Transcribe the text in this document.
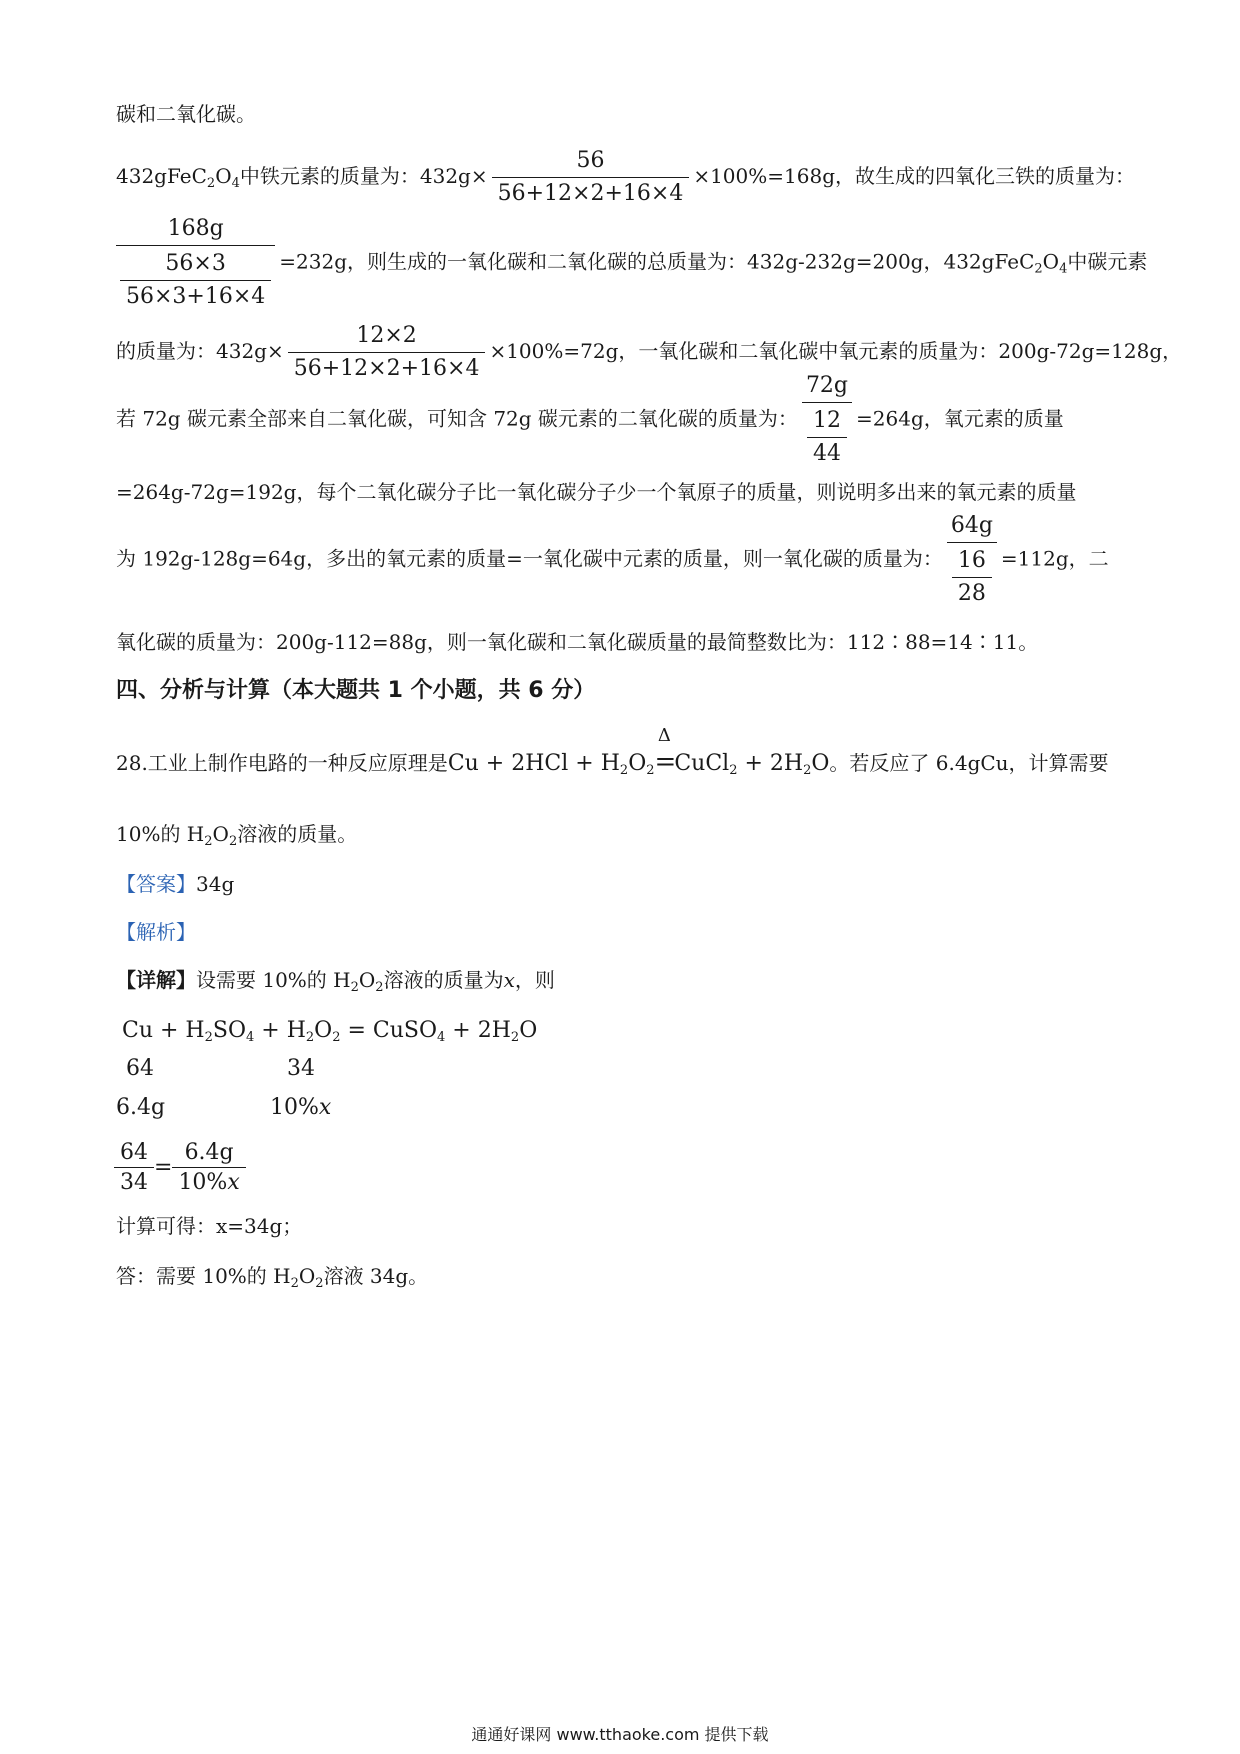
碳和二氧化碳。
$432gFeC_2O_4$中铁元素的质量为：$432g\times \frac{56}{56+12\times 2+16\times 4} \times 100\%=168g$，故生成的四氧化三铁的质量为：
$\frac{168g}{\frac{56\times 3}{56\times 3+16\times 4}} =232g$，则生成的一氧化碳和二氧化碳的总质量为：432g-232g=200g，$432gFeC_2O_4$中碳元素
的质量为：$432g\times \frac{12\times 2}{56+12\times 2+16\times 4} \times 100\%=72g$，一氧化碳和二氧化碳中氧元素的质量为：200g-72g=128g，
若 72g 碳元素全部来自二氧化碳，可知含 72g 碳元素的二氧化碳的质量为： $\frac{72g}{\frac{12}{44}} =264g$，氧元素的质量
=264g-72g=192g，每个二氧化碳分子比一氧化碳分子少一个氧原子的质量，则说明多出来的氧元素的质量
为 192g-128g=64g，多出的氧元素的质量=一氧化碳中元素的质量，则一氧化碳的质量为： $\frac{64g}{\frac{16}{28}} =112g$，二
氧化碳的质量为：200g-112=88g，则一氧化碳和二氧化碳质量的最简整数比为：112∶88=14∶11。
四、分析与计算（本大题共 1 个小题，共 6 分）
28.工业上制作电路的一种反应原理是$Cu + 2HCl + H_2O_2$
Δ
=CuCl$_2$ + $2H_2O$。若反应了 6.4gCu，计算需要
10%的 $H_2O_2$溶液的质量。
【答案】34g
【解析】
【详解】设需要 10%的 $H_2O_2$溶液的质量为x，则
$Cu + H_2SO_4 + H_2O_2$ = CuSO$_4$ + $2H_2O$
64	34
6.4g	10%x
$\frac{64}{34} = \frac{6.4g}{10\%x}$
计算可得：x=34g；
答：需要 10%的 $H_2O_2$溶液 34g。
通通好课网 www.tthaoke.com 提供下载
